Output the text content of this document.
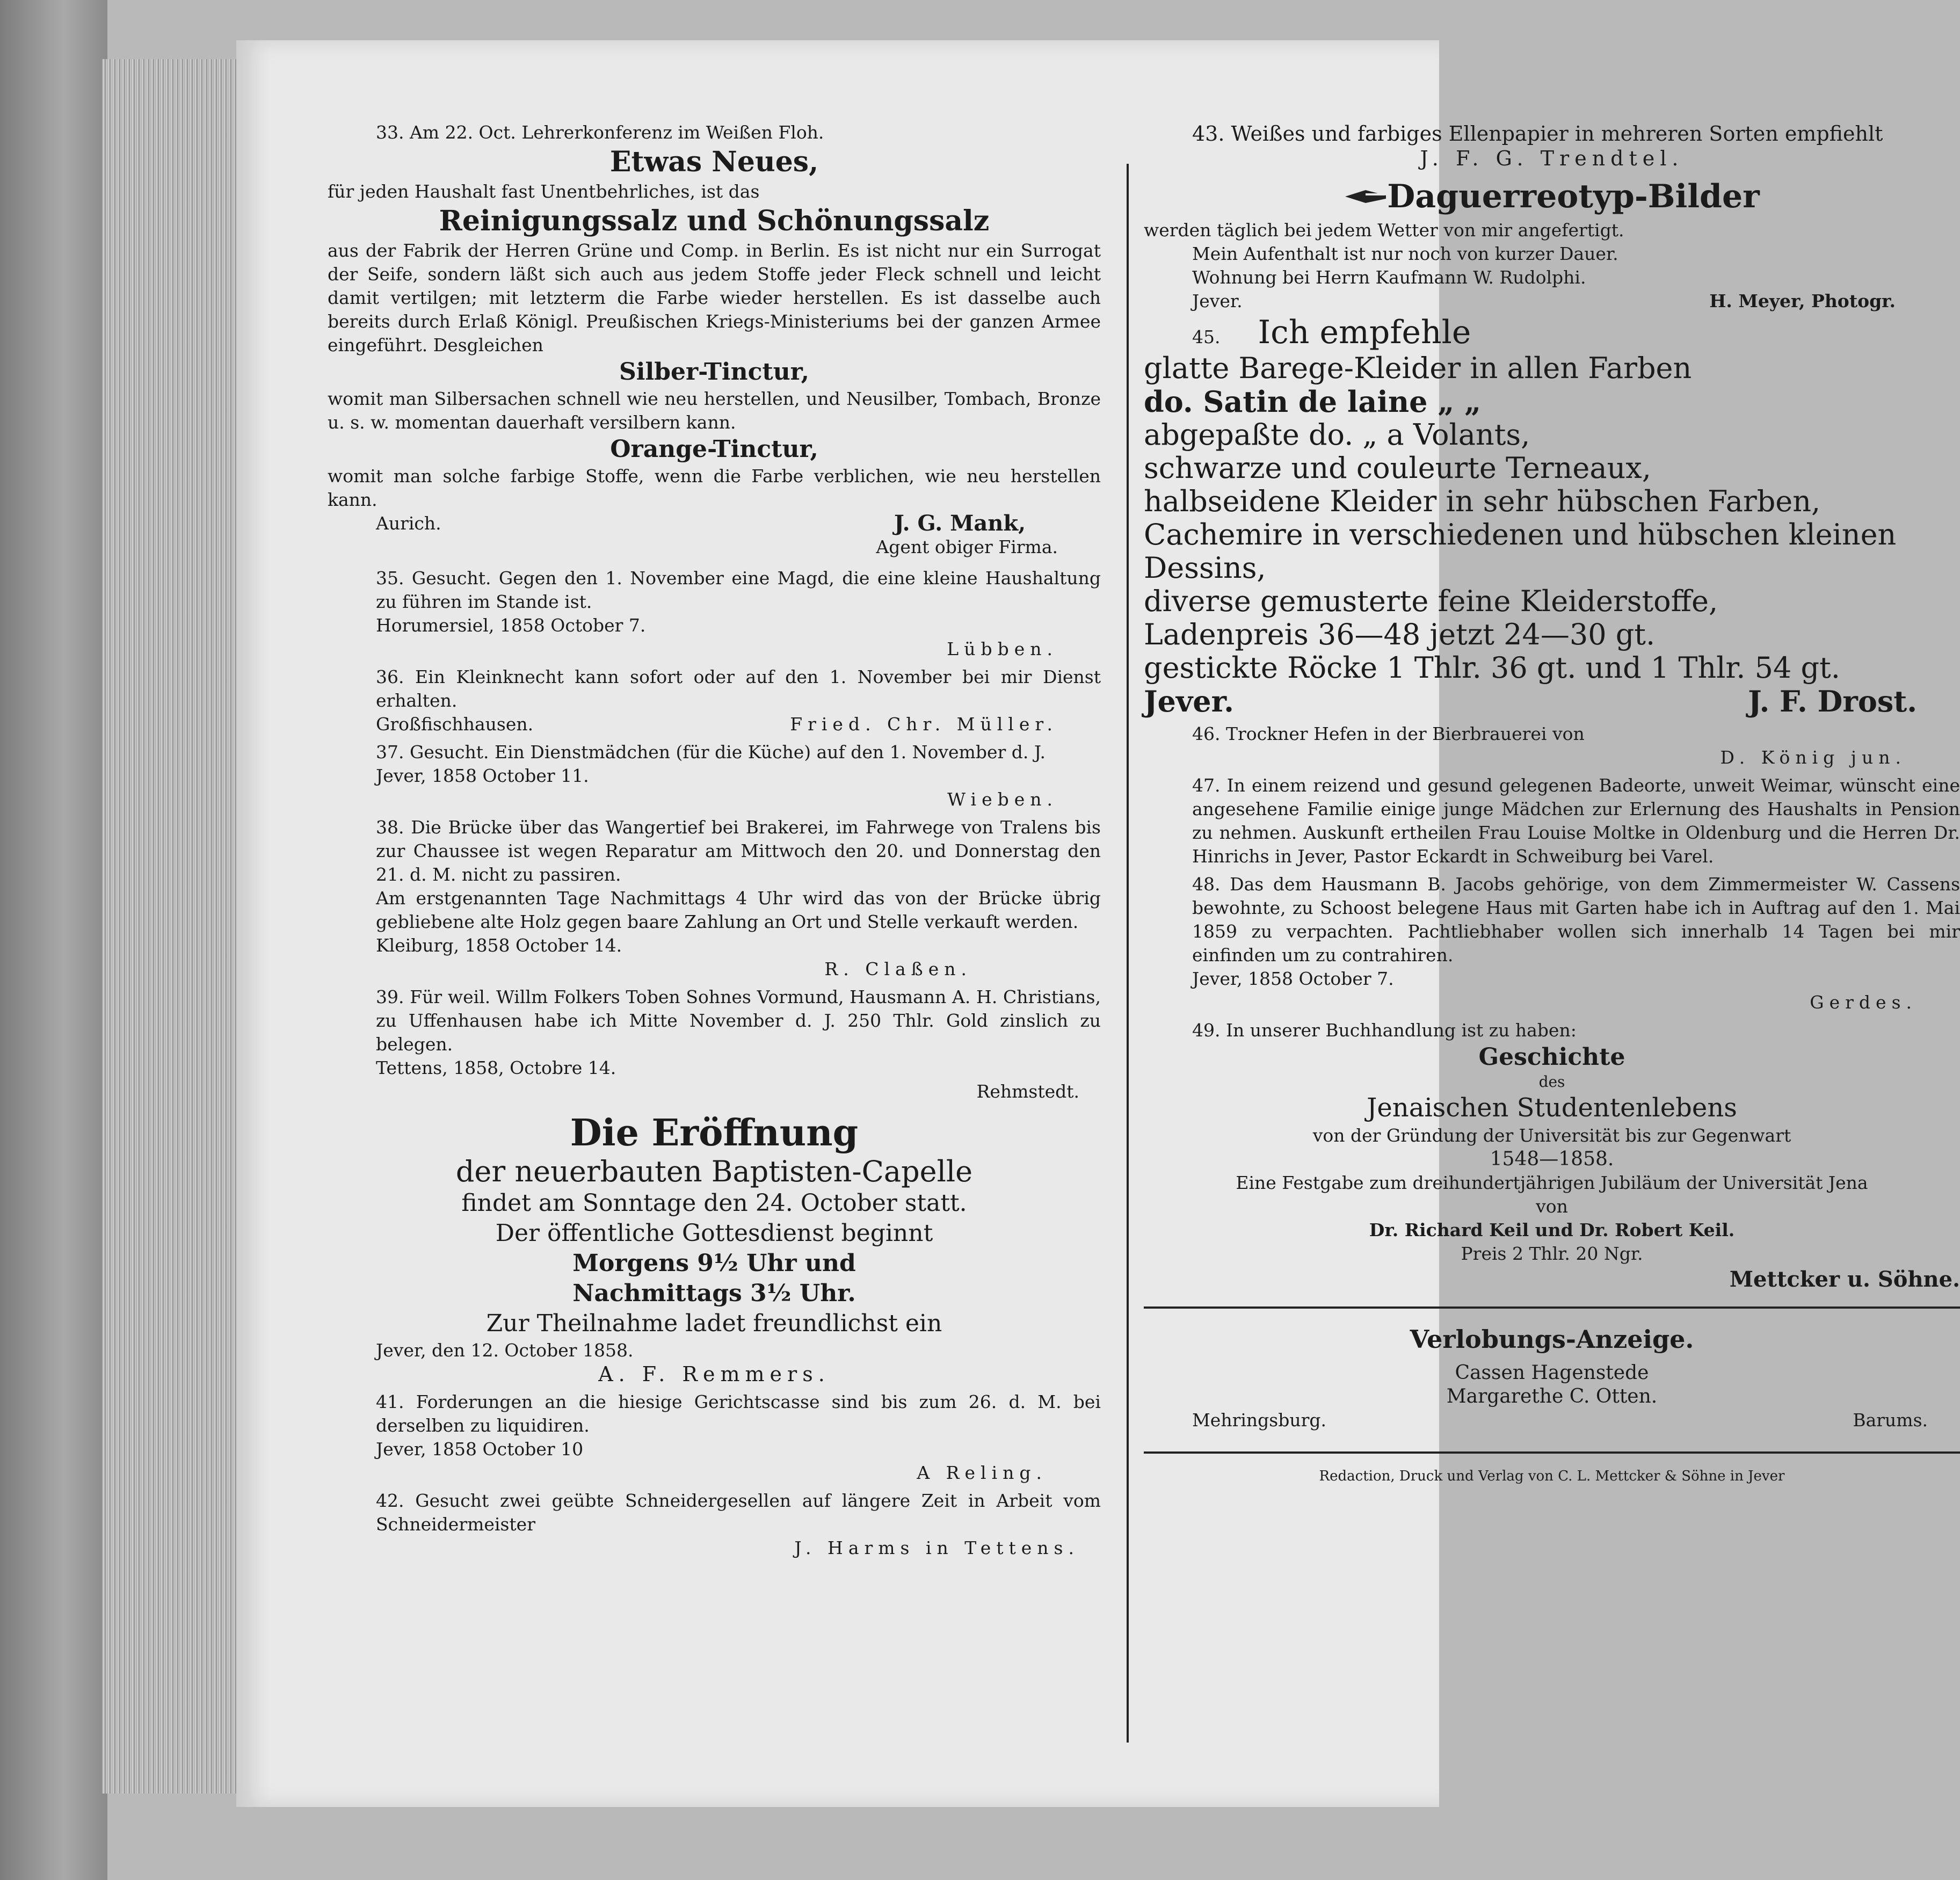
33. Am 22. Oct. Lehrerkonferenz im Weißen Floh.

Etwas Neues,

für jeden Haushalt fast Unentbehrliches, ist das

Reinigungssalz und Schönungssalz

aus der Fabrik der Herren Grüne und Comp. in Berlin. Es ist nicht nur ein Surrogat der Seife, sondern läßt sich auch aus jedem Stoffe jeder Fleck schnell und leicht damit vertilgen; mit letzterm die Farbe wieder herstellen. Es ist dasselbe auch bereits durch Erlaß Königl. Preußischen Kriegs-Ministeriums bei der ganzen Armee eingeführt. Desgleichen

Silber-Tinctur,

womit man Silbersachen schnell wie neu herstellen, und Neusilber, Tombach, Bronze u. s. w. momentan dauerhaft versilbern kann.

Orange-Tinctur,

womit man solche farbige Stoffe, wenn die Farbe verblichen, wie neu herstellen kann.

Aurich.	J. G. Mank,

Agent obiger Firma.

35. Gesucht. Gegen den 1. November eine Magd, die eine kleine Haushaltung zu führen im Stande ist.

Horumersiel, 1858 October 7.

Lübben.

36. Ein Kleinknecht kann sofort oder auf den 1. November bei mir Dienst erhalten.

Großfischhausen.	Fried. Chr. Müller.

37. Gesucht. Ein Dienstmädchen (für die Küche) auf den 1. November d. J.

Jever, 1858 October 11.

Wieben.

38. Die Brücke über das Wangertief bei Brakerei, im Fahrwege von Tralens bis zur Chaussee ist wegen Reparatur am Mittwoch den 20. und Donnerstag den 21. d. M. nicht zu passiren.

Am erstgenannten Tage Nachmittags 4 Uhr wird das von der Brücke übrig gebliebene alte Holz gegen baare Zahlung an Ort und Stelle verkauft werden.

Kleiburg, 1858 October 14.

R. Claßen.

39. Für weil. Willm Folkers Toben Sohnes Vormund, Hausmann A. H. Christians, zu Uffenhausen habe ich Mitte November d. J. 250 Thlr. Gold zinslich zu belegen.

Tettens, 1858, Octobre 14.

Rehmstedt.

Die Eröffnung

der neuerbauten Baptisten-Capelle

findet am Sonntage den 24. October statt.

Der öffentliche Gottesdienst beginnt

Morgens 9½ Uhr und

Nachmittags 3½ Uhr.

Zur Theilnahme ladet freundlichst ein

Jever, den 12. October 1858.

A. F. Remmers.

41. Forderungen an die hiesige Gerichtscasse sind bis zum 26. d. M. bei derselben zu liquidiren.

Jever, 1858 October 10

A Reling.

42. Gesucht zwei geübte Schneidergesellen auf längere Zeit in Arbeit vom Schneidermeister

J. Harms in Tettens.

43. Weißes und farbiges Ellenpapier in mehreren Sorten empfiehlt

J. F. G. Trendtel.

Daguerreotyp-Bilder

werden täglich bei jedem Wetter von mir angefertigt.

Mein Aufenthalt ist nur noch von kurzer Dauer.

Wohnung bei Herrn Kaufmann W. Rudolphi.

Jever.	H. Meyer, Photogr.

45.	Ich empfehle

glatte Barege-Kleider in allen Farben

do. Satin de laine „ „

abgepaßte do. „ a Volants,

schwarze und couleurte Terneaux,

halbseidene Kleider in sehr hübschen Farben,

Cachemire in verschiedenen und hübschen kleinen Dessins,

diverse gemusterte feine Kleiderstoffe,

Ladenpreis 36—48 jetzt 24—30 gt.

gestickte Röcke 1 Thlr. 36 gt. und 1 Thlr. 54 gt.

Jever.	J. F. Drost.

46. Trockner Hefen in der Bierbrauerei von

D. König jun.

47. In einem reizend und gesund gelegenen Badeorte, unweit Weimar, wünscht eine angesehene Familie einige junge Mädchen zur Erlernung des Haushalts in Pension zu nehmen. Auskunft ertheilen Frau Louise Moltke in Oldenburg und die Herren Dr. Hinrichs in Jever, Pastor Eckardt in Schweiburg bei Varel.

48. Das dem Hausmann B. Jacobs gehörige, von dem Zimmermeister W. Cassens bewohnte, zu Schoost belegene Haus mit Garten habe ich in Auftrag auf den 1. Mai 1859 zu verpachten. Pachtliebhaber wollen sich innerhalb 14 Tagen bei mir einfinden um zu contrahiren.

Jever, 1858 October 7.

Gerdes.

49. In unserer Buchhandlung ist zu haben:

Geschichte

des

Jenaischen Studentenlebens

von der Gründung der Universität bis zur Gegenwart

1548—1858.

Eine Festgabe zum dreihundertjährigen Jubiläum der Universität Jena

von

Dr. Richard Keil und Dr. Robert Keil.

Preis 2 Thlr. 20 Ngr.

Mettcker u. Söhne.

Verlobungs-Anzeige.

Cassen Hagenstede

Margarethe C. Otten.

Mehringsburg.	Barums.

Redaction, Druck und Verlag von C. L. Mettcker & Söhne in Jever
